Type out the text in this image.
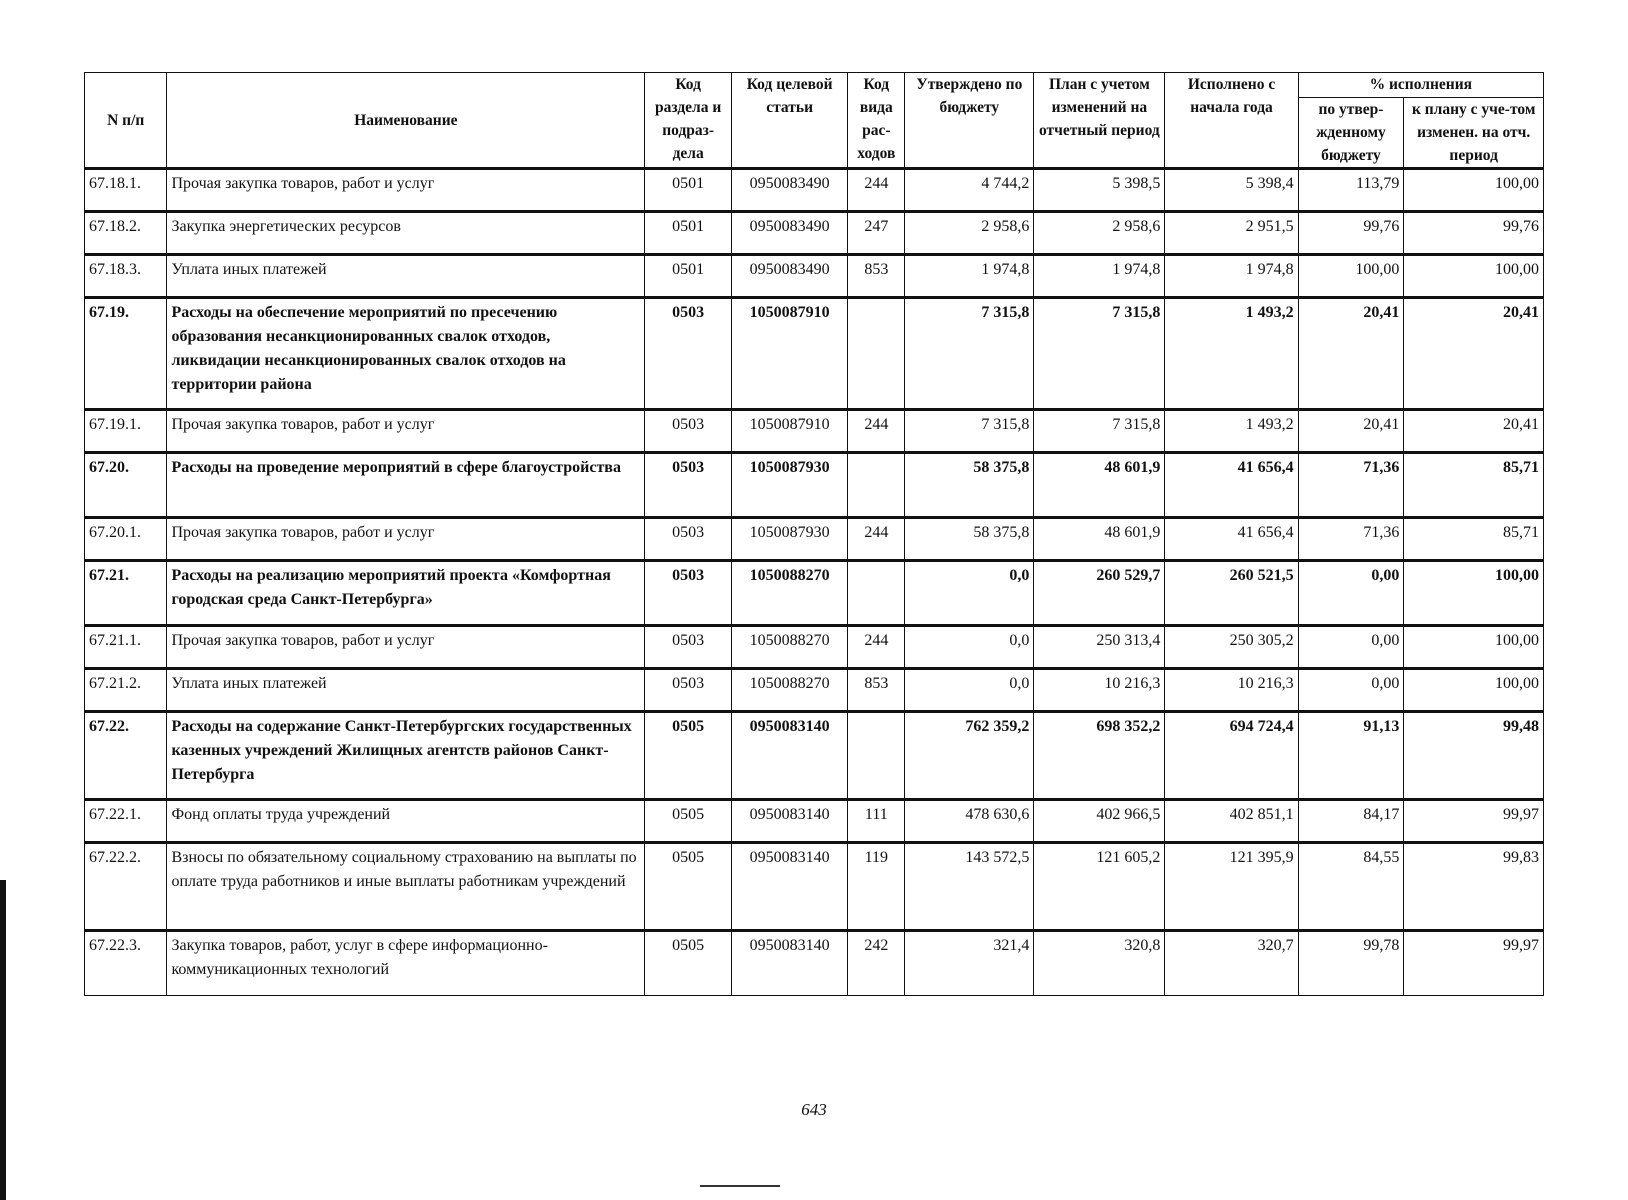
N п/п	Наименование	Код раздела и подраз-дела	Код целевой статьи	Код вида рас-ходов	Утверждено по бюджету	План с учетом изменений на отчетный период	Исполнено с начала года	% исполнения	
								по утвер-жденному бюджету	к плану с уче-том изменен. на отч. период
67.18.1.	Прочая закупка товаров, работ и услуг	0501	0950083490	244	4 744,2	5 398,5	5 398,4	113,79	100,00
67.18.2.	Закупка энергетических ресурсов	0501	0950083490	247	2 958,6	2 958,6	2 951,5	99,76	99,76
67.18.3.	Уплата иных платежей	0501	0950083490	853	1 974,8	1 974,8	1 974,8	100,00	100,00
67.19.	Расходы на обеспечение мероприятий по пресечению образования несанкционированных свалок отходов, ликвидации несанкционированных свалок отходов на территории района	0503	1050087910		7 315,8	7 315,8	1 493,2	20,41	20,41
67.19.1.	Прочая закупка товаров, работ и услуг	0503	1050087910	244	7 315,8	7 315,8	1 493,2	20,41	20,41
67.20.	Расходы на проведение мероприятий в сфере благоустройства	0503	1050087930		58 375,8	48 601,9	41 656,4	71,36	85,71
67.20.1.	Прочая закупка товаров, работ и услуг	0503	1050087930	244	58 375,8	48 601,9	41 656,4	71,36	85,71
67.21.	Расходы на реализацию мероприятий проекта «Комфортная городская среда Санкт-Петербурга»	0503	1050088270		0,0	260 529,7	260 521,5	0,00	100,00
67.21.1.	Прочая закупка товаров, работ и услуг	0503	1050088270	244	0,0	250 313,4	250 305,2	0,00	100,00
67.21.2.	Уплата иных платежей	0503	1050088270	853	0,0	10 216,3	10 216,3	0,00	100,00
67.22.	Расходы на содержание Санкт-Петербургских государственных казенных учреждений Жилищных агентств районов Санкт-Петербурга	0505	0950083140		762 359,2	698 352,2	694 724,4	91,13	99,48
67.22.1.	Фонд оплаты труда учреждений	0505	0950083140	111	478 630,6	402 966,5	402 851,1	84,17	99,97
67.22.2.	Взносы по обязательному социальному страхованию на выплаты по оплате труда работников и иные выплаты работникам учреждений	0505	0950083140	119	143 572,5	121 605,2	121 395,9	84,55	99,83
67.22.3.	Закупка товаров, работ, услуг в сфере информационно-коммуникационных технологий	0505	0950083140	242	321,4	320,8	320,7	99,78	99,97
643
